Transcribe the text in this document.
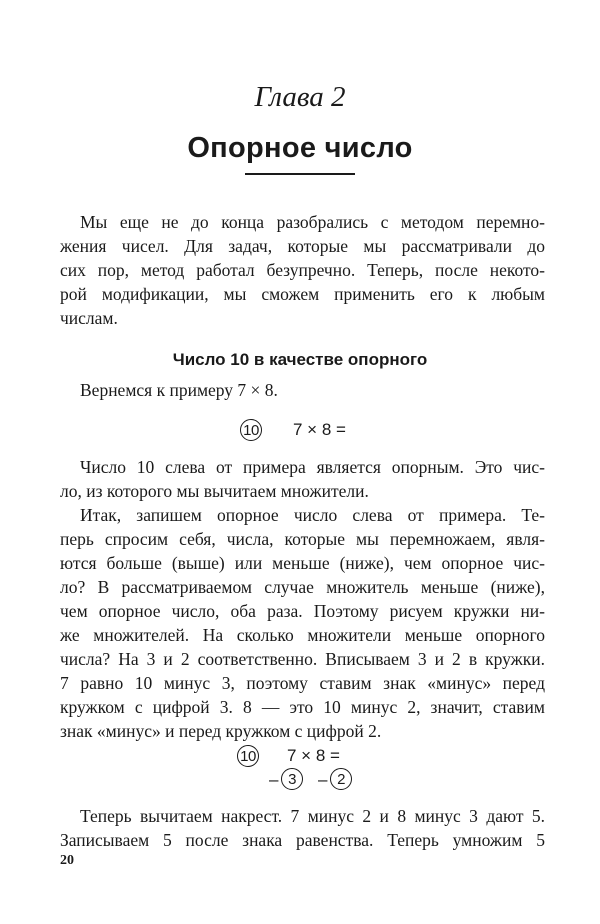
Глава 2
Опорное число
Мы еще не до конца разобрались с методом перемно-
жения чисел. Для задач, которые мы рассматривали до
сих пор, метод работал безупречно. Теперь, после некото-
рой модификации, мы сможем применить его к любым
числам.
Число 10 в качестве опорного
Вернемся к примеру 7 × 8.
10 7 × 8 =
Число 10 слева от примера является опорным. Это чис-
ло, из которого мы вычитаем множители.
Итак, запишем опорное число слева от примера. Те-
перь спросим себя, числа, которые мы перемножаем, явля-
ются больше (выше) или меньше (ниже), чем опорное чис-
ло? В рассматриваемом случае множитель меньше (ниже),
чем опорное число, оба раза. Поэтому рисуем кружки ни-
же множителей. На сколько множители меньше опорного
числа? На 3 и 2 соответственно. Вписываем 3 и 2 в кружки.
7 равно 10 минус 3, поэтому ставим знак «минус» перед
кружком с цифрой 3. 8 — это 10 минус 2, значит, ставим
знак «минус» и перед кружком с цифрой 2.
10 7 × 8 =
– 3	– 2
Теперь вычитаем накрест. 7 минус 2 и 8 минус 3 дают 5.
Записываем 5 после знака равенства. Теперь умножим 5
20
